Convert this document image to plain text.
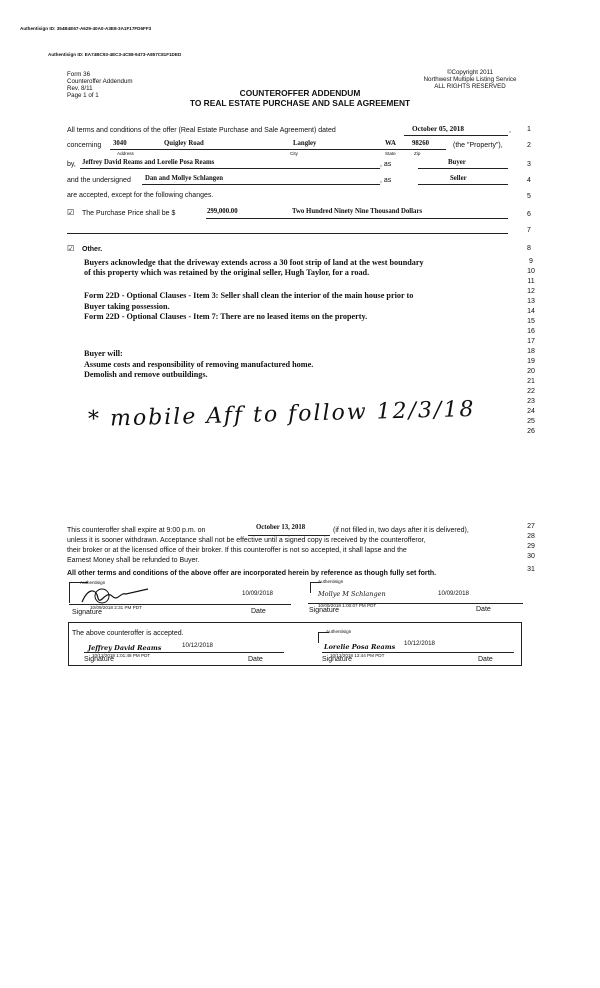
Authentisign ID: 354B4E67-A629-40A0-A3E8-3A1F17FD6FF3
Authentisign ID: EA74BC93-4EC3-4C88-9473-A857C81F1DED
Form 36
Counteroffer Addendum
Rev. 8/11
Page 1 of 1
©Copyright 2011
Northwest Multiple Listing Service
ALL RIGHTS RESERVED
COUNTEROFFER ADDENDUM
TO REAL ESTATE PURCHASE AND SALE AGREEMENT
All terms and conditions of the offer (Real Estate Purchase and Sale Agreement) dated	October 05, 2018	,
concerning 3040	Quigley Road	Langley	WA 98260
Address	City	State	Zip
(the "Property"),
by, Jeffrey David Reams and Lorelie Posa Reams	, as	Buyer
and the undersigned Dan and Mollye Schlangen	, as	Seller
are accepted, except for the following changes.
☑ The Purchase Price shall be $	299,000.00	Two Hundred Ninety Nine Thousand Dollars
☑ Other.
Buyers acknowledge that the driveway extends across a 30 foot strip of land at the west boundary
of this property which was retained by the original seller, Hugh Taylor, for a road.
Form 22D - Optional Clauses - Item 3: Seller shall clean the interior of the main house prior to
Buyer taking possession.
Form 22D - Optional Clauses - Item 7: There are no leased items on the property.
Buyer will:
Assume costs and responsibility of removing manufactured home.
Demolish and remove outbuildings.
* mobile Aff to follow 12/3/18
1
2
3
4
5
6
7
8
9
10
11
12
13
14
15
16
17
18
19
20
21
22
23
24
25
26
27
28
29
30
31
This counteroffer shall expire at 9:00 p.m. on	October 13, 2018	(if not filled in, two days after it is delivered),
unless it is sooner withdrawn. Acceptance shall not be effective until a signed copy is received by the counterofferor,
their broker or at the licensed office of their broker. If this counteroffer is not so accepted, it shall lapse and the
Earnest Money shall be refunded to Buyer.
All other terms and conditions of the above offer are incorporated herein by reference as though fully set forth.
Authentisign
10/09/2018
10/09/2018 2:31 PM PDT
Signature	Date
Authentisign
Mollye M Schlangen	10/09/2018
10/09/2018 1:00:07 PM PDT
Signature	Date
The above counteroffer is accepted.
Jeffrey David Reams	10/12/2018
10/12/2018 1:01:48 PM PDT
Signature	Date
Authentisign
Lorelie Posa Reams 10/12/2018
10/12/2018 12:44 PM PDT
Signature	Date
